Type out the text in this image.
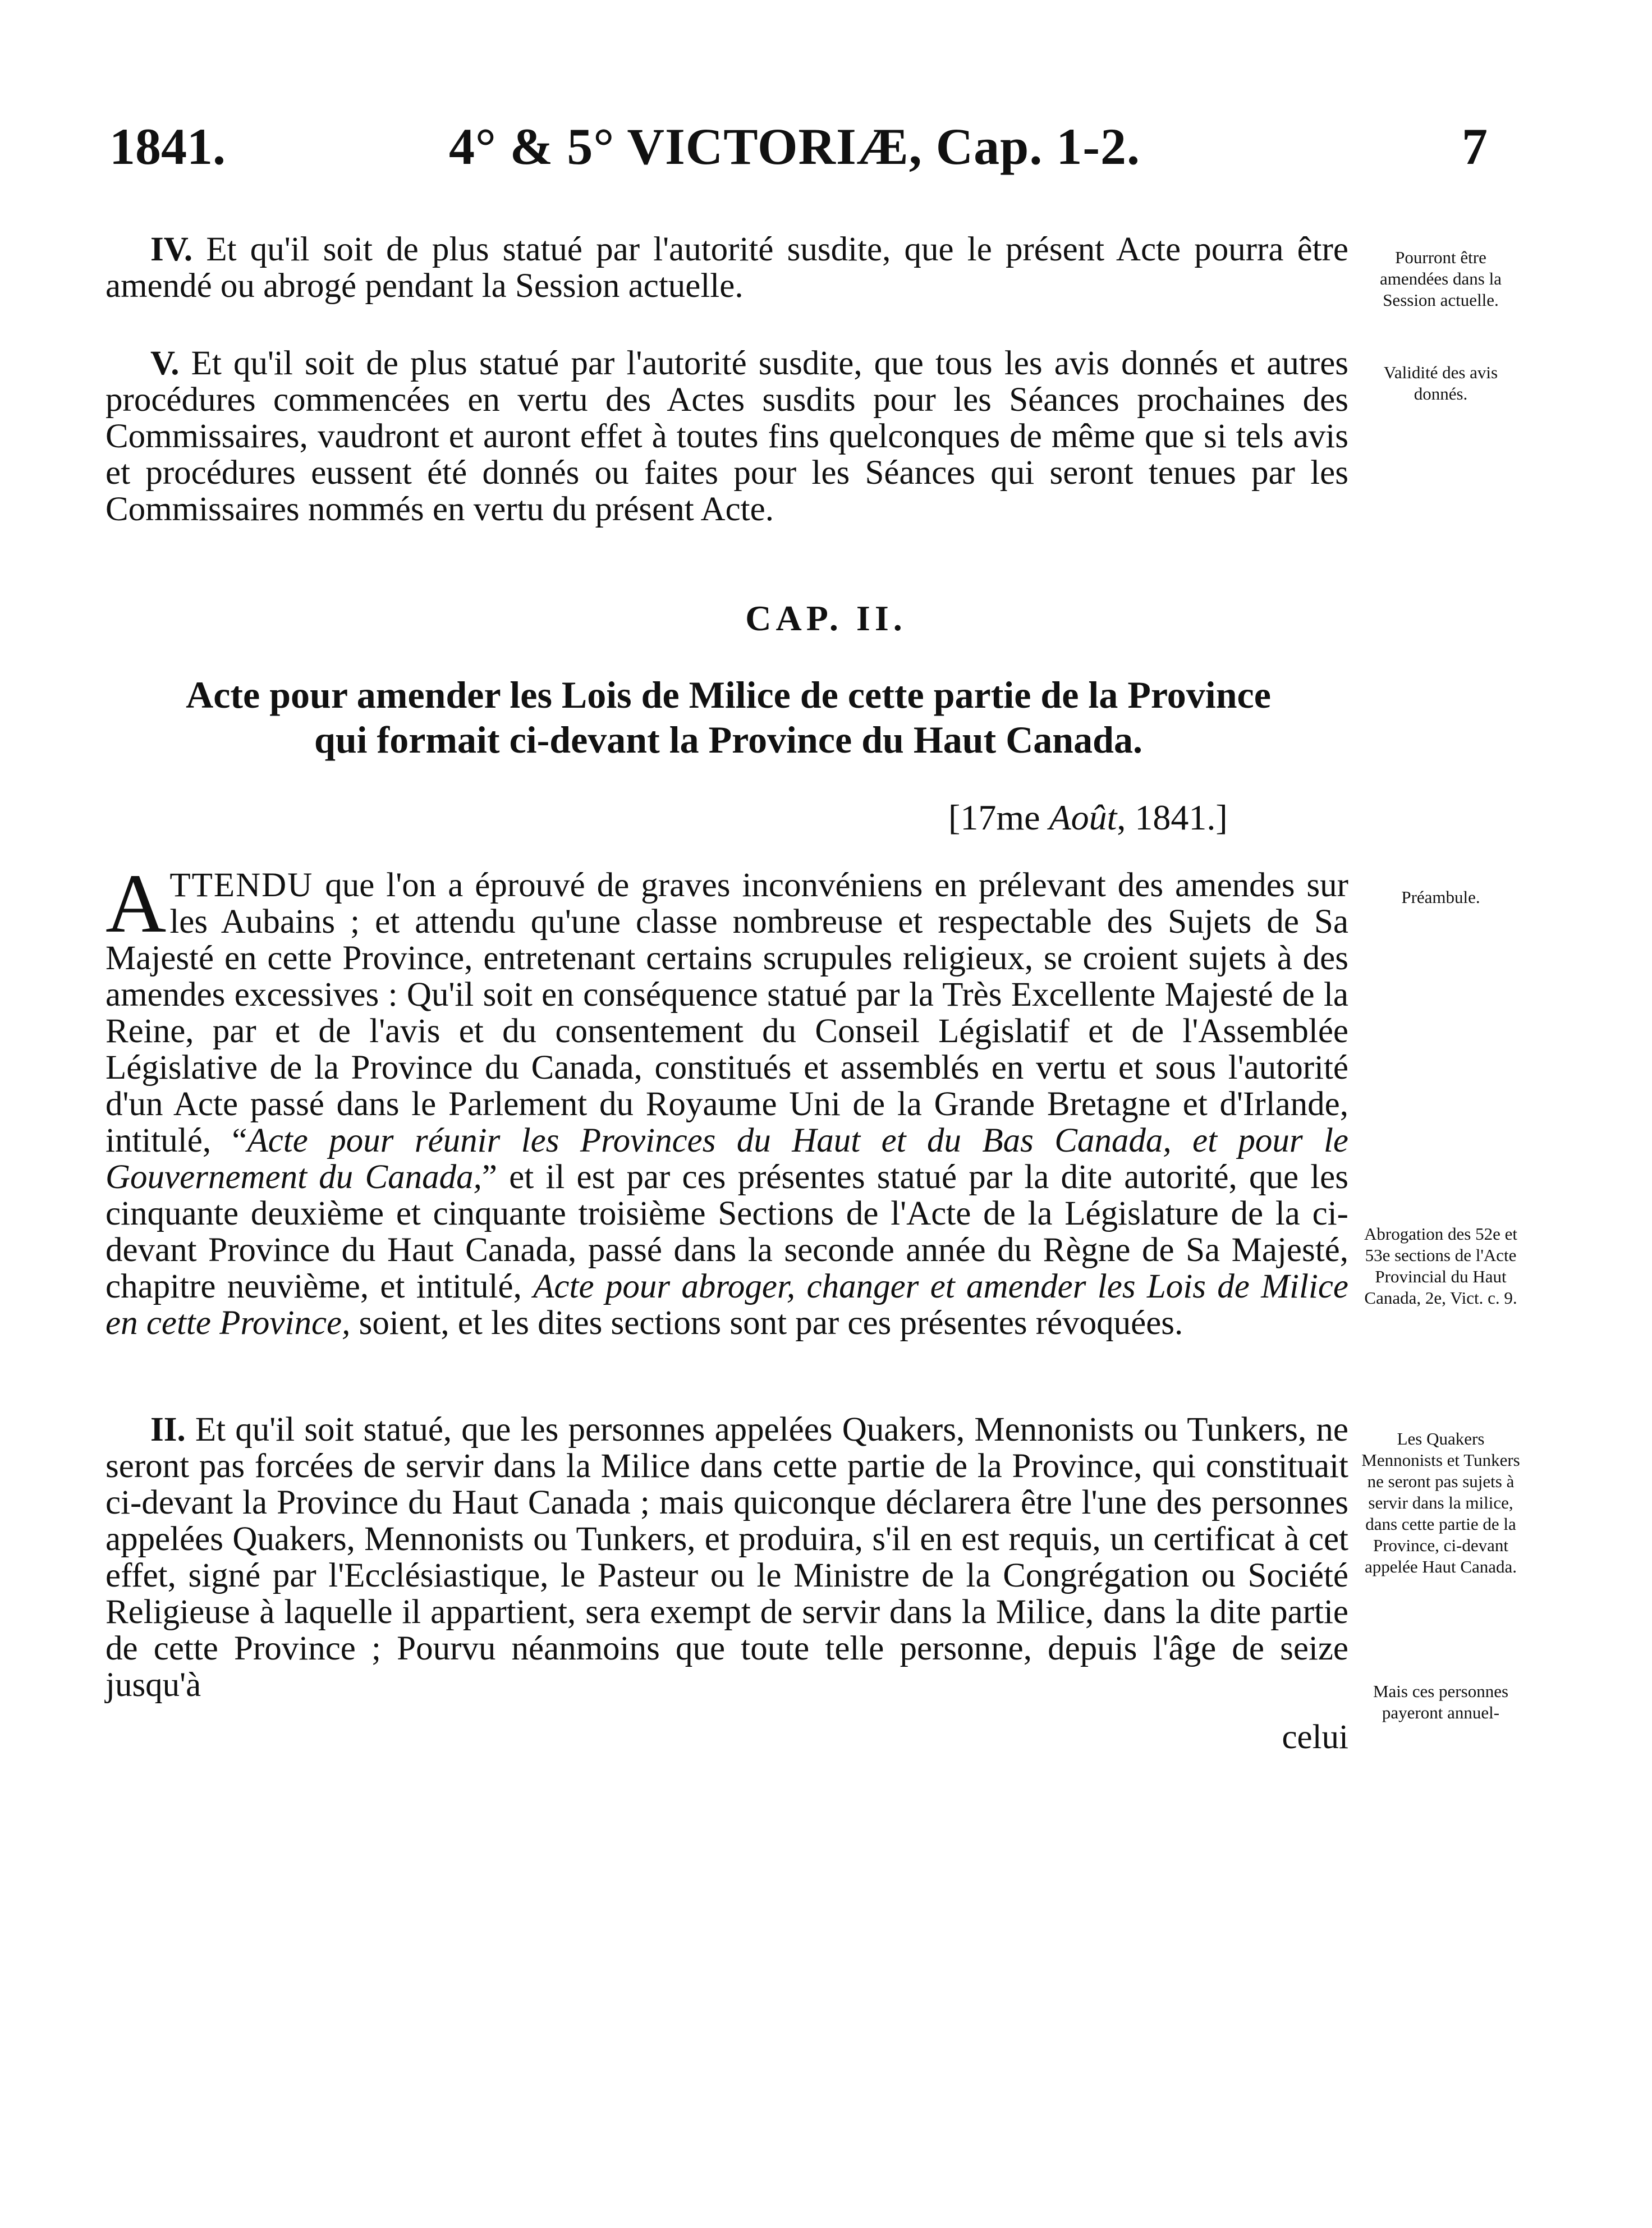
1841.	4° & 5° VICTORIÆ, Cap. 1-2.	7
IV. Et qu'il soit de plus statué par l'autorité susdite, que le présent Acte pourra être amendé ou abrogé pendant la Session actuelle.
Pourront être amendées dans la Session actuelle.
V. Et qu'il soit de plus statué par l'autorité susdite, que tous les avis donnés et autres procédures commencées en vertu des Actes susdits pour les Séances prochaines des Commissaires, vaudront et auront effet à toutes fins quelconques de même que si tels avis et procédures eussent été donnés ou faites pour les Séances qui seront tenues par les Commissaires nommés en vertu du présent Acte.
Validité des avis donnés.
CAP. II.
Acte pour amender les Lois de Milice de cette partie de la Province
qui formait ci-devant la Province du Haut Canada.
[17me Août, 1841.]
ATTENDU que l'on a éprouvé de graves inconvéniens en prélevant des amendes sur les Aubains ; et attendu qu'une classe nombreuse et respectable des Sujets de Sa Majesté en cette Province, entretenant certains scrupules religieux, se croient sujets à des amendes excessives : Qu'il soit en conséquence statué par la Très Excellente Majesté de la Reine, par et de l'avis et du consentement du Conseil Législatif et de l'Assemblée Législative de la Province du Canada, constitués et assemblés en vertu et sous l'autorité d'un Acte passé dans le Parlement du Royaume Uni de la Grande Bretagne et d'Irlande, intitulé, “Acte pour réunir les Provinces du Haut et du Bas Canada, et pour le Gouvernement du Canada,” et il est par ces présentes statué par la dite autorité, que les cinquante deuxième et cinquante troisième Sections de l'Acte de la Législature de la ci-devant Province du Haut Canada, passé dans la seconde année du Règne de Sa Majesté, chapitre neuvième, et intitulé, Acte pour abroger, changer et amender les Lois de Milice en cette Province, soient, et les dites sections sont par ces présentes révoquées.
Préambule.
Abrogation des 52e et 53e sections de l'Acte Provincial du Haut Canada, 2e, Vict. c. 9.
II. Et qu'il soit statué, que les personnes appelées Quakers, Mennonists ou Tunkers, ne seront pas forcées de servir dans la Milice dans cette partie de la Province, qui constituait ci-devant la Province du Haut Canada ; mais quiconque déclarera être l'une des personnes appelées Quakers, Mennonists ou Tunkers, et produira, s'il en est requis, un certificat à cet effet, signé par l'Ecclésiastique, le Pasteur ou le Ministre de la Congrégation ou Société Religieuse à laquelle il appartient, sera exempt de servir dans la Milice, dans la dite partie de cette Province ; Pourvu néanmoins que toute telle personne, depuis l'âge de seize jusqu'à
celui
Les Quakers Mennonists et Tunkers ne seront pas sujets à servir dans la milice, dans cette partie de la Province, ci-devant appelée Haut Canada.
Mais ces personnes payeront annuel-
